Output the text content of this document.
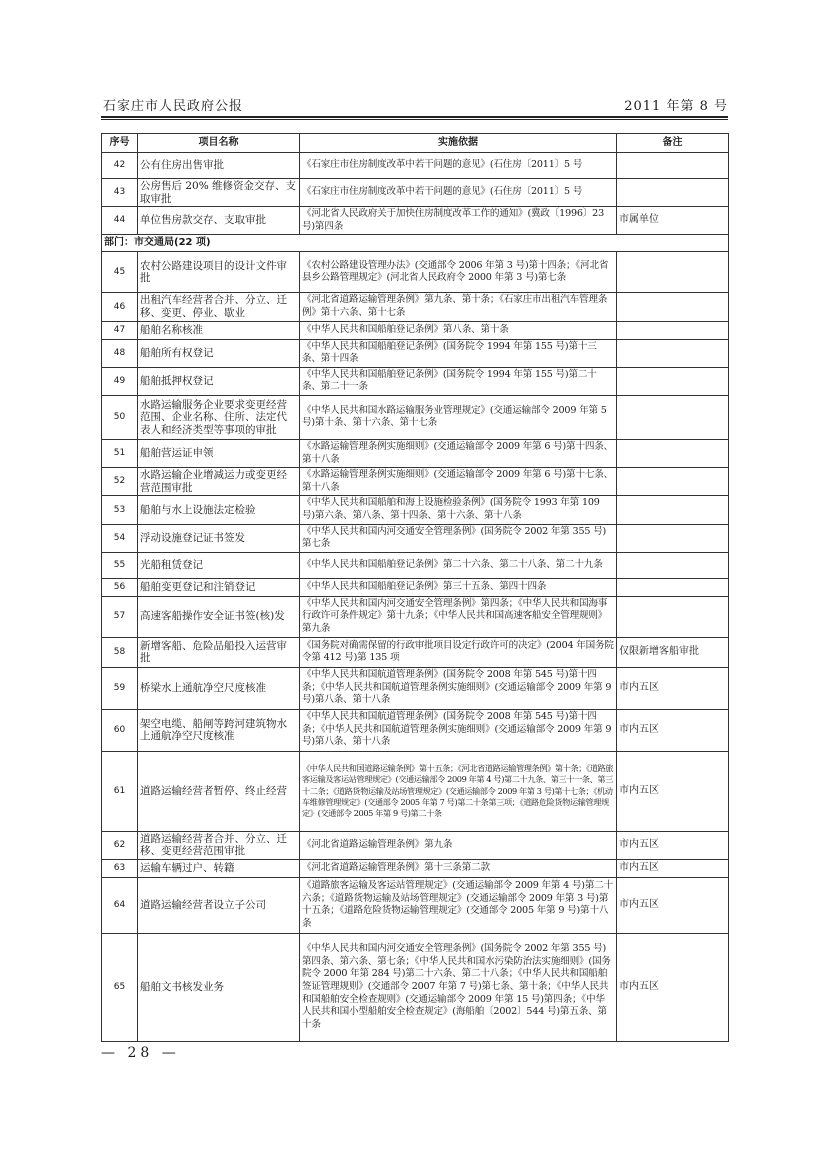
石家庄市人民政府公报	2011 年第 8 号
序号	项目名称	实施依据	备注
42	公有住房出售审批	《石家庄市住房制度改革中若干问题的意见》(石住房〔2011〕5 号	
43	公房售后 20% 维修资金交存、支取审批	《石家庄市住房制度改革中若干问题的意见》(石住房〔2011〕5 号	
44	单位售房款交存、支取审批	《河北省人民政府关于加快住房制度改革工作的通知》(冀政〔1996〕23 号)第四条	市属单位
部门：市交通局(22 项)			
45	农村公路建设项目的设计文件审批	《农村公路建设管理办法》(交通部令 2006 年第 3 号)第十四条；《河北省县乡公路管理规定》(河北省人民政府令 2000 年第 3 号)第七条	
46	出租汽车经营者合并、分立、迁移、变更、停业、歇业	《河北省道路运输管理条例》第九条、第十条；《石家庄市出租汽车管理条例》第十六条、第十七条	
47	船舶名称核准	《中华人民共和国船舶登记条例》第八条、第十条	
48	船舶所有权登记	《中华人民共和国船舶登记条例》(国务院令 1994 年第 155 号)第十三条、第十四条	
49	船舶抵押权登记	《中华人民共和国船舶登记条例》(国务院令 1994 年第 155 号)第二十条、第二十一条	
50	水路运输服务企业要求变更经营范围、企业名称、住所、法定代表人和经济类型等事项的审批	《中华人民共和国水路运输服务业管理规定》(交通运输部令 2009 年第 5 号)第十条、第十六条、第十七条	
51	船舶营运证申领	《水路运输管理条例实施细则》(交通运输部令 2009 年第 6 号)第十四条、第十八条	
52	水路运输企业增减运力或变更经营范围审批	《水路运输管理条例实施细则》(交通运输部令 2009 年第 6 号)第十七条、第十八条	
53	船舶与水上设施法定检验	《中华人民共和国船舶和海上设施检验条例》(国务院令 1993 年第 109 号)第六条、第八条、第十四条、第十六条、第十八条	
54	浮动设施登记证书签发	《中华人民共和国内河交通安全管理条例》(国务院令 2002 年第 355 号)第七条	
55	光船租赁登记	《中华人民共和国船舶登记条例》第二十六条、第二十八条、第二十九条	
56	船舶变更登记和注销登记	《中华人民共和国船舶登记条例》第三十五条、第四十四条	
57	高速客船操作安全证书签(核)发	《中华人民共和国内河交通安全管理条例》第四条；《中华人民共和国海事行政许可条件规定》第十九条；《中华人民共和国高速客船安全管理规则》第九条	
58	新增客船、危险品船投入运营审批	《国务院对确需保留的行政审批项目设定行政许可的决定》(2004 年国务院令第 412 号)第 135 项	仅限新增客船审批
59	桥梁水上通航净空尺度核准	《中华人民共和国航道管理条例》(国务院令 2008 年第 545 号)第十四条；《中华人民共和国航道管理条例实施细则》(交通运输部令 2009 年第 9 号)第八条、第十八条	市内五区
60	架空电缆、船闸等跨河建筑物水上通航净空尺度核准	《中华人民共和国航道管理条例》(国务院令 2008 年第 545 号)第十四条；《中华人民共和国航道管理条例实施细则》(交通运输部令 2009 年第 9 号)第八条、第十八条	市内五区
61	道路运输经营者暂停、终止经营	《中华人民共和国道路运输条例》第十五条；《河北省道路运输管理条例》第十条；《道路旅客运输及客运站管理规定》(交通运输部令 2009 年第 4 号)第二十九条、第三十一条、第三十二条；《道路货物运输及站场管理规定》(交通运输部令 2009 年第 3 号)第十七条；《机动车维修管理规定》(交通部令 2005 年第 7 号)第二十条第三项；《道路危险货物运输管理规定》(交通部令 2005 年第 9 号)第二十条	市内五区
62	道路运输经营者合并、分立、迁移、变更经营范围审批	《河北省道路运输管理条例》第九条	市内五区
63	运输车辆过户、转籍	《河北省道路运输管理条例》第十三条第二款	市内五区
64	道路运输经营者设立子公司	《道路旅客运输及客运站管理规定》(交通运输部令 2009 年第 4 号)第二十六条；《道路货物运输及站场管理规定》(交通运输部令 2009 年第 3 号)第十五条；《道路危险货物运输管理规定》(交通部令 2005 年第 9 号)第十八条	市内五区
65	船舶文书核发业务	《中华人民共和国内河交通安全管理条例》(国务院令 2002 年第 355 号)第四条、第六条、第七条；《中华人民共和国水污染防治法实施细则》(国务院令 2000 年第 284 号)第二十六条、第二十八条；《中华人民共和国船舶签证管理规则》(交通部令 2007 年第 7 号)第七条、第十条；《中华人民共和国船舶安全检查规则》(交通运输部令 2009 年第 15 号)第四条；《中华人民共和国小型船舶安全检查规定》(海船舶〔2002〕544 号)第五条、第十条	市内五区
— 28 —
